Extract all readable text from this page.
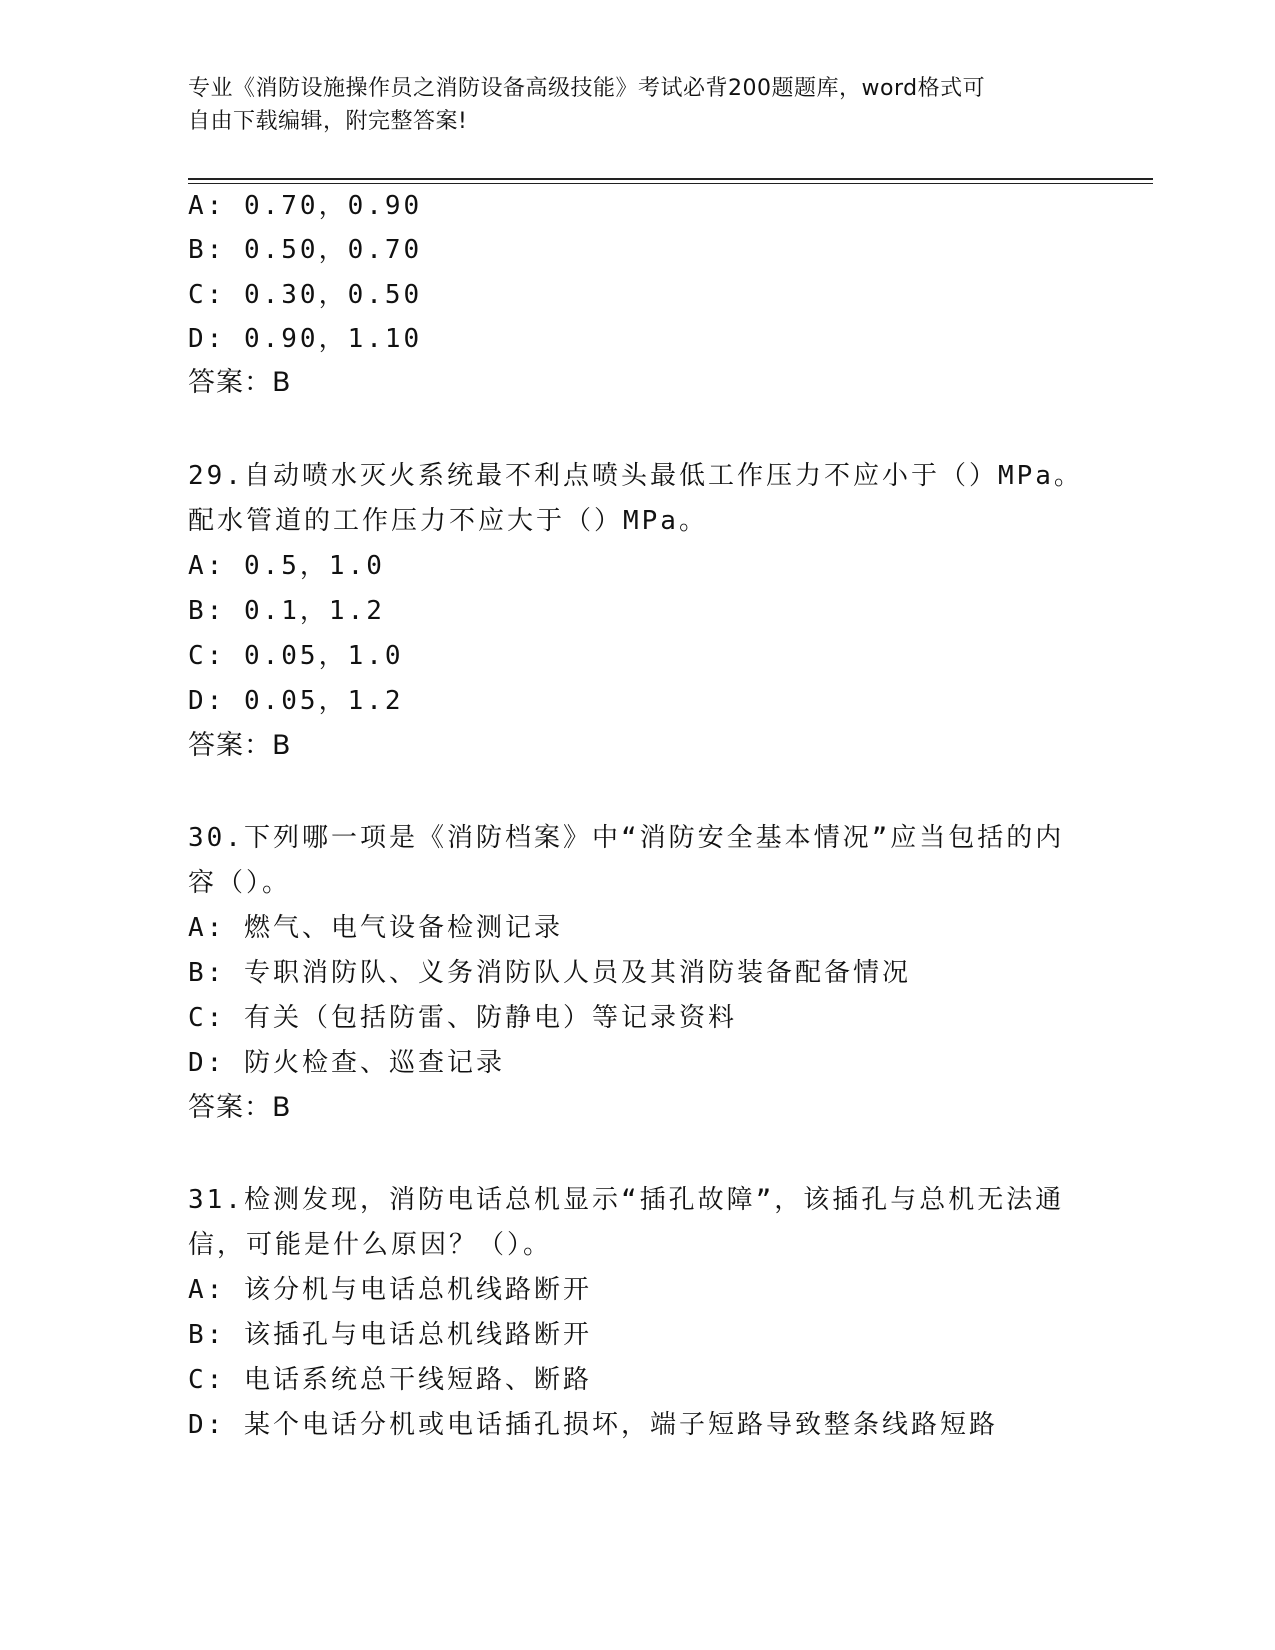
专业《消防设施操作员之消防设备高级技能》考试必背200题题库，word格式可
自由下载编辑，附完整答案!
A: 0.70，0.90
B: 0.50，0.70
C: 0.30，0.50
D: 0.90，1.10
答案：B
29.自动喷水灭火系统最不利点喷头最低工作压力不应小于（）MPa。
配水管道的工作压力不应大于（）MPa。
A: 0.5，1.0
B: 0.1，1.2
C: 0.05，1.0
D: 0.05，1.2
答案：B
30.下列哪一项是《消防档案》中“消防安全基本情况”应当包括的内
容（）。
A: 燃气、电气设备检测记录
B: 专职消防队、义务消防队人员及其消防装备配备情况
C: 有关（包括防雷、防静电）等记录资料
D: 防火检查、巡查记录
答案：B
31.检测发现，消防电话总机显示“插孔故障”，该插孔与总机无法通
信，可能是什么原因？（）。
A: 该分机与电话总机线路断开
B: 该插孔与电话总机线路断开
C: 电话系统总干线短路、断路
D: 某个电话分机或电话插孔损坏，端子短路导致整条线路短路
